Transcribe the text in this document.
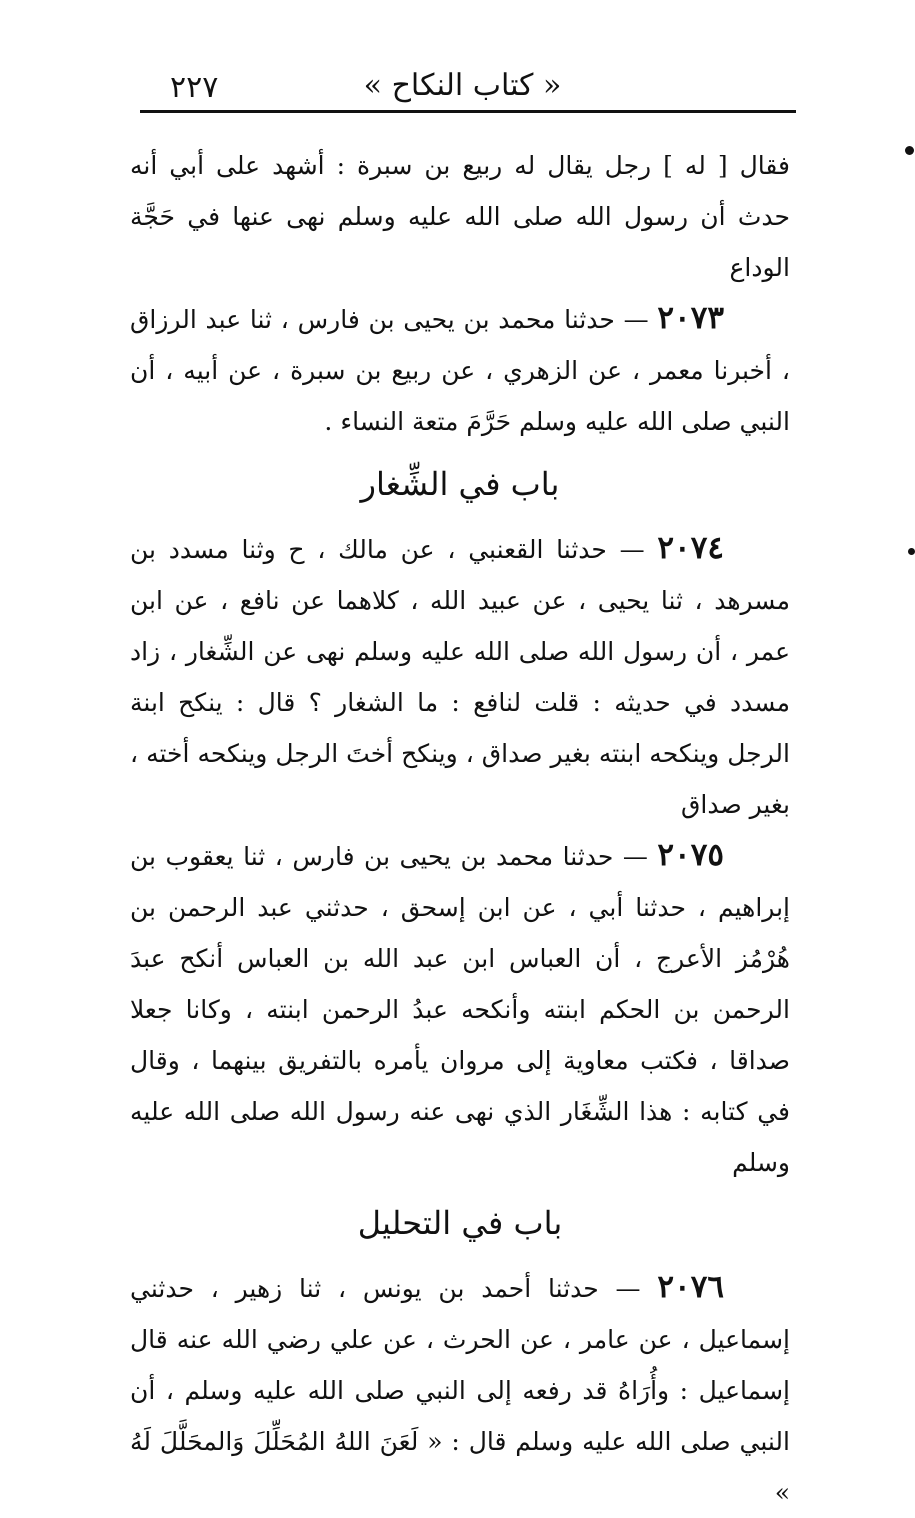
٢٢٧	« كتاب النكاح »

فقال [ له ] رجل يقال له ربيع بن سبرة : أشهد على أبي أنه حدث أن رسول الله صلى الله عليه وسلم نهى عنها في حَجَّة الوداع

٢٠٧٣ — حدثنا محمد بن يحيى بن فارس ، ثنا عبد الرزاق ، أخبرنا معمر ، عن الزهري ، عن ربيع بن سبرة ، عن أبيه ، أن النبي صلى الله عليه وسلم حَرَّمَ متعة النساء .

باب في الشِّغار

٢٠٧٤ — حدثنا القعنبي ، عن مالك ، ح وثنا مسدد بن مسرهد ، ثنا يحيى ، عن عبيد الله ، كلاهما عن نافع ، عن ابن عمر ، أن رسول الله صلى الله عليه وسلم نهى عن الشِّغار ، زاد مسدد في حديثه : قلت لنافع : ما الشغار ؟ قال : ينكح ابنة الرجل وينكحه ابنته بغير صداق ، وينكح أختَ الرجل وينكحه أخته ، بغير صداق

٢٠٧٥ — حدثنا محمد بن يحيى بن فارس ، ثنا يعقوب بن إبراهيم ، حدثنا أبي ، عن ابن إسحق ، حدثني عبد الرحمن بن هُرْمُز الأعرج ، أن العباس ابن عبد الله بن العباس أنكح عبدَ الرحمن بن الحكم ابنته وأنكحه عبدُ الرحمن ابنته ، وكانا جعلا صداقا ، فكتب معاوية إلى مروان يأمره بالتفريق بينهما ، وقال في كتابه : هذا الشِّغَار الذي نهى عنه رسول الله صلى الله عليه وسلم

باب في التحليل

٢٠٧٦ — حدثنا أحمد بن يونس ، ثنا زهير ، حدثني إسماعيل ، عن عامر ، عن الحرث ، عن علي رضي الله عنه قال إسماعيل : وأُرَاهُ قد رفعه إلى النبي صلى الله عليه وسلم ، أن النبي صلى الله عليه وسلم قال : « لَعَنَ اللهُ المُحَلِّلَ وَالمحَلَّلَ لَهُ »
